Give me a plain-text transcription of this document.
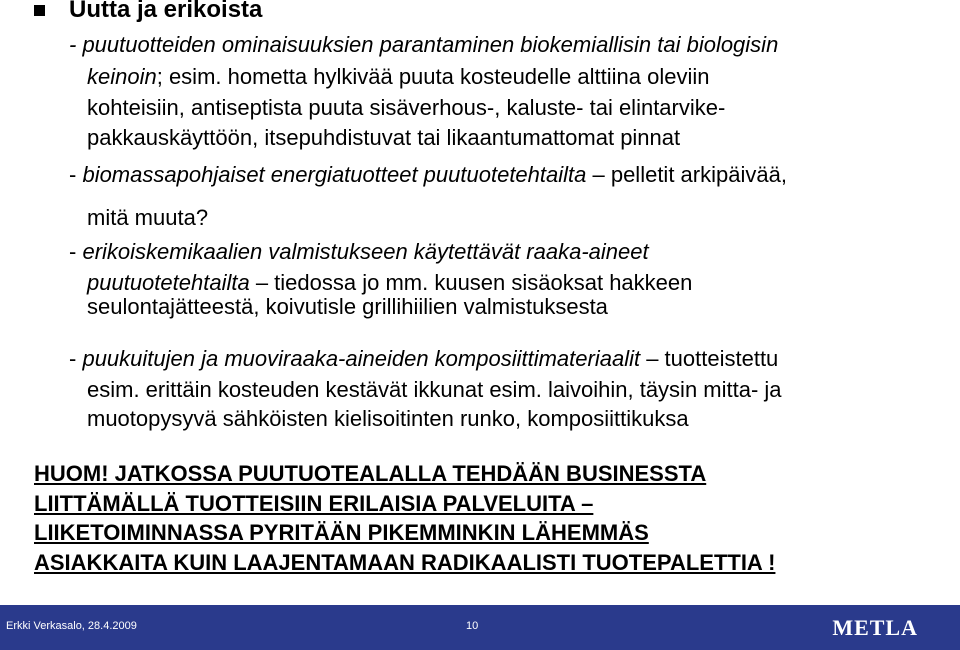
Uutta ja erikoista
- puutuotteiden ominaisuuksien parantaminen biokemiallisin tai biologisin
keinoin; esim. hometta hylkivää puuta kosteudelle alttiina oleviin
kohteisiin, antiseptista puuta sisäverhous-, kaluste- tai elintarvike-
pakkauskäyttöön, itsepuhdistuvat tai likaantumattomat pinnat
- biomassapohjaiset energiatuotteet puutuotetehtailta – pelletit arkipäivää,
mitä muuta?
- erikoiskemikaalien valmistukseen käytettävät raaka-aineet
puutuotetehtailta – tiedossa jo mm. kuusen sisäoksat hakkeen
seulontajätteestä, koivutisle grillihiilien valmistuksesta
- puukuitujen ja muoviraaka-aineiden komposiittimateriaalit – tuotteistettu
esim. erittäin kosteuden kestävät ikkunat esim. laivoihin, täysin mitta- ja
muotopysyvä sähköisten kielisoitinten runko, komposiittikuksa
HUOM! JATKOSSA PUUTUOTEALALLA TEHDÄÄN BUSINESSTA
LIITTÄMÄLLÄ TUOTTEISIIN ERILAISIA PALVELUITA –
LIIKETOIMINNASSA PYRITÄÄN PIKEMMINKIN LÄHEMMÄS
ASIAKKAITA KUIN LAAJENTAMAAN RADIKAALISTI TUOTEPALETTIA !
Erkki Verkasalo, 28.4.2009	10	METLA
